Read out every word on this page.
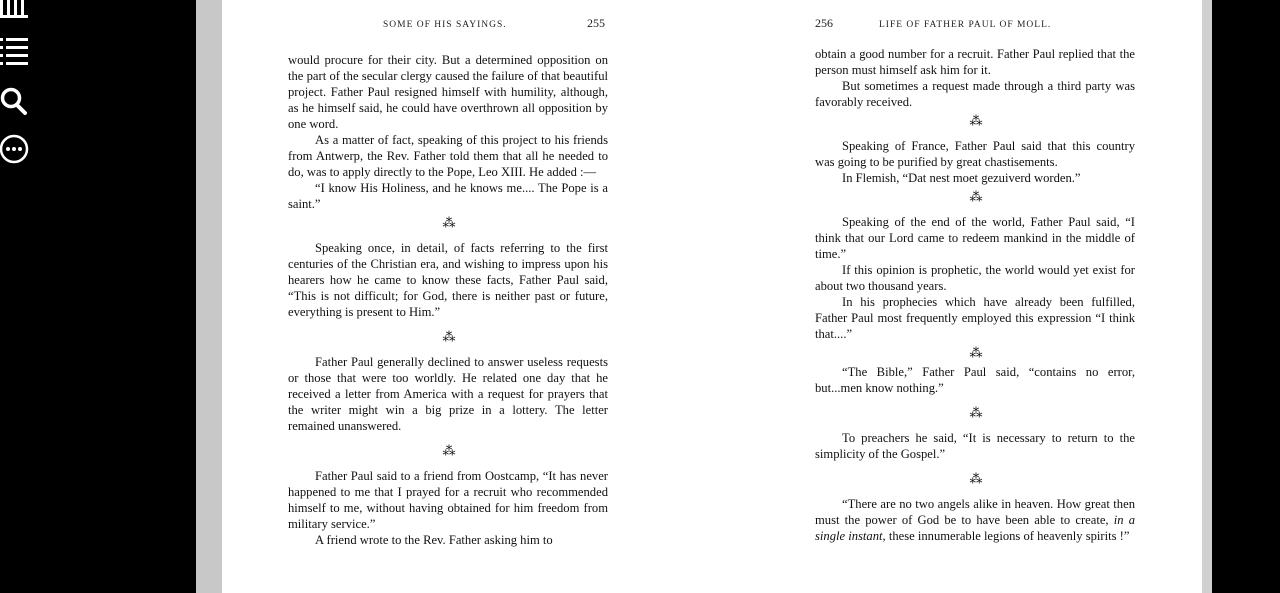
SOME OF HIS SAYINGS.	255

would procure for their city. But a determined opposition on the part of the secular clergy caused the failure of that beautiful project. Father Paul resigned himself with humility, although, as he himself said, he could have overthrown all opposition by one word.

As a matter of fact, speaking of this project to his friends from Antwerp, the Rev. Father told them that all he needed to do, was to apply directly to the Pope, Leo XIII. He added :—

“I know His Holiness, and he knows me.... The Pope is a saint.”

⁂

Speaking once, in detail, of facts referring to the first centuries of the Christian era, and wishing to impress upon his hearers how he came to know these facts, Father Paul said, “This is not difficult; for God, there is neither past or future, everything is present to Him.”

⁂

Father Paul generally declined to answer useless requests or those that were too worldly. He related one day that he received a letter from America with a request for prayers that the writer might win a big prize in a lottery. The letter remained unanswered.

⁂

Father Paul said to a friend from Oostcamp, “It has never happened to me that I prayed for a recruit who recommended himself to me, without having obtained for him freedom from military service.”

A friend wrote to the Rev. Father asking him to

256	LIFE OF FATHER PAUL OF MOLL.

obtain a good number for a recruit. Father Paul replied that the person must himself ask him for it.

But sometimes a request made through a third party was favorably received.

⁂

Speaking of France, Father Paul said that this country was going to be purified by great chastisements.

In Flemish, “Dat nest moet gezuiverd worden.”

⁂

Speaking of the end of the world, Father Paul said, “I think that our Lord came to redeem mankind in the middle of time.”

If this opinion is prophetic, the world would yet exist for about two thousand years.

In his prophecies which have already been fulfilled, Father Paul most frequently employed this expression “I think that....”

⁂

“The Bible,” Father Paul said, “contains no error, but...men know nothing.”

⁂

To preachers he said, “It is necessary to return to the simplicity of the Gospel.”

⁂

“There are no two angels alike in heaven. How great then must the power of God be to have been able to create, in a single instant, these innumerable legions of heavenly spirits !”
